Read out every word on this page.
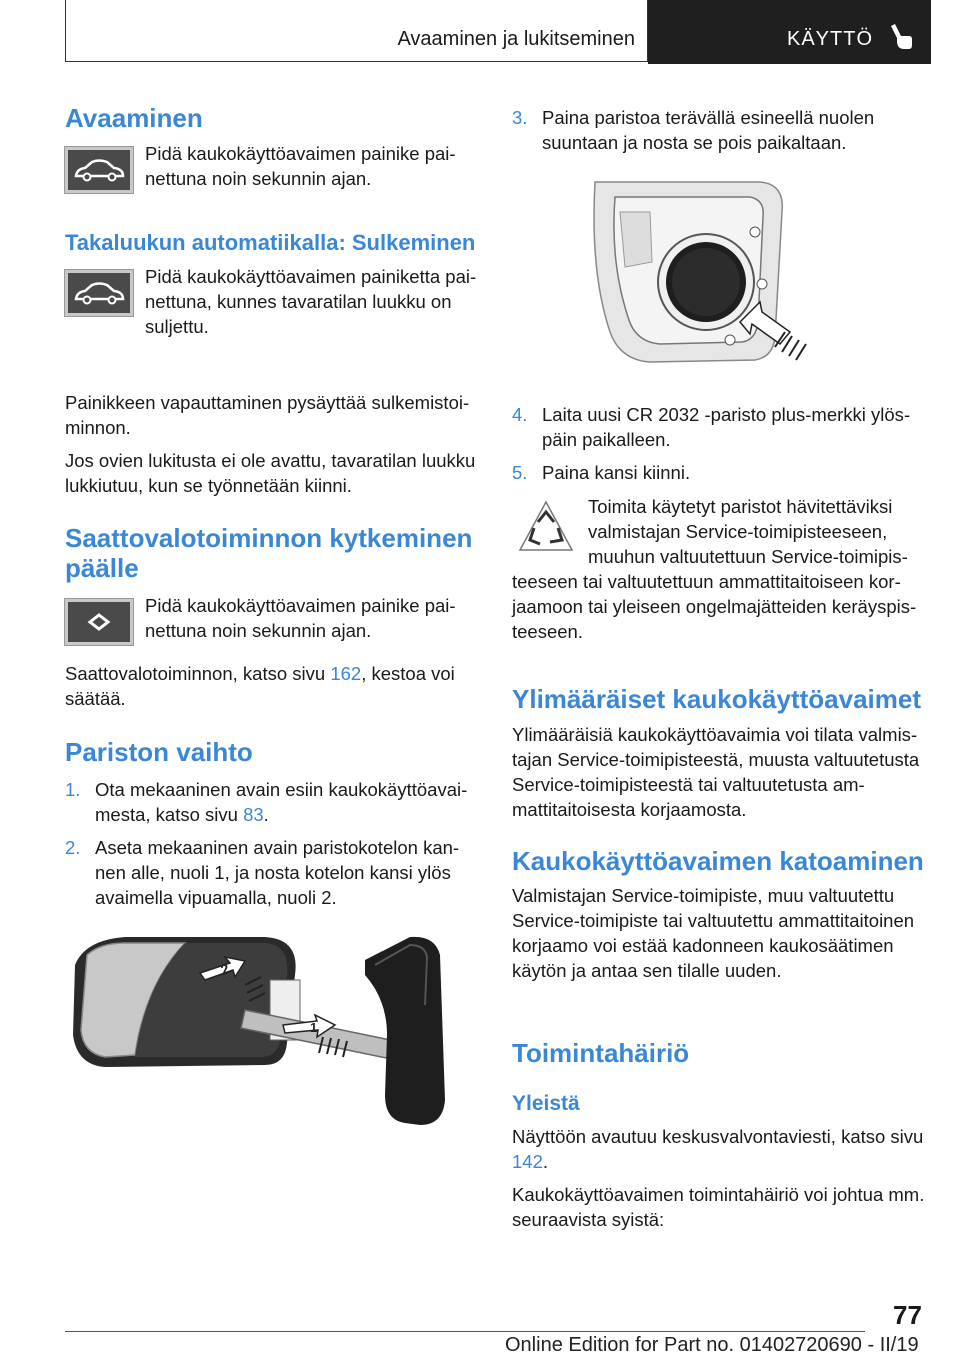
Avaaminen ja lukitseminen	KÄYTTÖ
Avaaminen

Pidä kaukokäyttöavaimen painike painettuna noin sekunnin ajan.

Takaluukun automatiikalla: Sulkeminen

Pidä kaukokäyttöavaimen painiketta painettuna, kunnes tavaratilan luukku on suljettu.

Painikkeen vapauttaminen pysäyttää sulkemistoiminnon.

Jos ovien lukitusta ei ole avattu, tavaratilan luukku lukkiutuu, kun se työnnetään kiinni.

Saattovalotoiminnon kytkeminen päälle

Pidä kaukokäyttöavaimen painike painettuna noin sekunnin ajan.

Saattovalotoiminnon, katso sivu 162, kestoa voi säätää.

Pariston vaihto
1. Ota mekaaninen avain esiin kaukokäyttöavaimesta, katso sivu 83.
2. Aseta mekaaninen avain paristokotelon kannen alle, nuoli 1, ja nosta kotelon kansi ylös avaimella vipuamalla, nuoli 2.
2
1
3. Paina paristoa terävällä esineellä nuolen suuntaan ja nosta se pois paikaltaan.
4. Laita uusi CR 2032 -paristo plus-merkki ylöspäin paikalleen.
5. Paina kansi kiinni.

Toimita käytetyt paristot hävitettäviksi valmistajan Service-toimipisteeseen, muuhun valtuutettuun Service-toimipisteeseen tai valtuutettuun ammattitaitoiseen korjaamoon tai yleiseen ongelmajätteiden keräyspisteeseen.

Ylimääräiset kaukokäyttöavaimet

Ylimääräisiä kaukokäyttöavaimia voi tilata valmistajan Service-toimipisteestä, muusta valtuutetusta Service-toimipisteestä tai valtuutetusta ammattitaitoisesta korjaamosta.

Kaukokäyttöavaimen katoaminen

Valmistajan Service-toimipiste, muu valtuutettu Service-toimipiste tai valtuutettu ammattitaitoinen korjaamo voi estää kadonneen kaukosäätimen käytön ja antaa sen tilalle uuden.

Toimintahäiriö
Yleistä

Näyttöön avautuu keskusvalvontaviesti, katso sivu 142.

Kaukokäyttöavaimen toimintahäiriö voi johtua mm. seuraavista syistä:

77
Online Edition for Part no. 01402720690 - II/19
